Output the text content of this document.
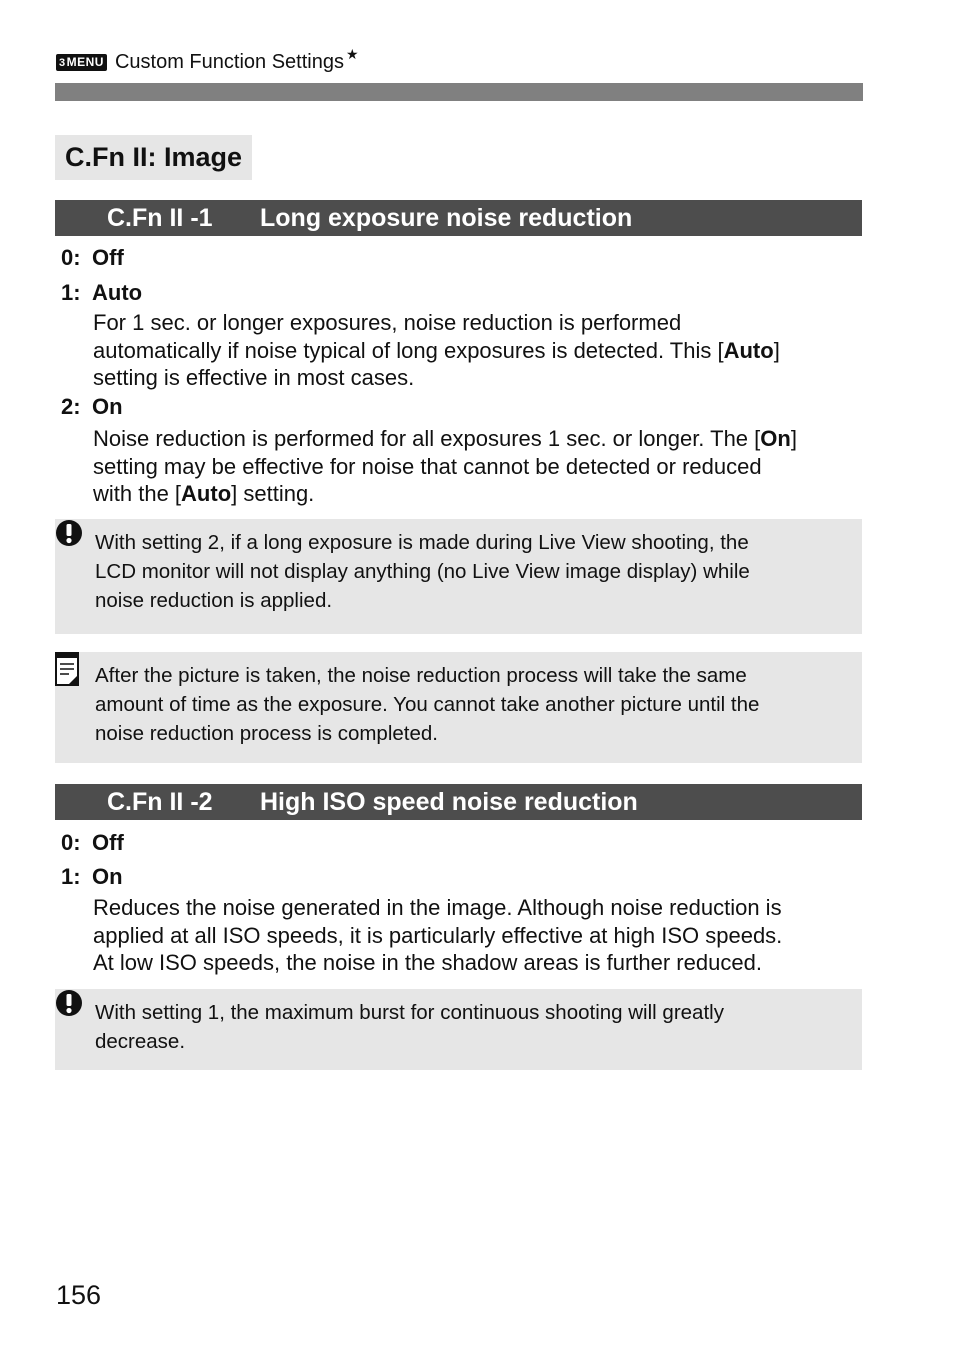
3MENU Custom Function Settings ★
C.Fn II: Image
C.Fn II -1 Long exposure noise reduction
0: Off
1: Auto
For 1 sec. or longer exposures, noise reduction is performed
automatically if noise typical of long exposures is detected. This [Auto]
setting is effective in most cases.
2: On
Noise reduction is performed for all exposures 1 sec. or longer. The [On]
setting may be effective for noise that cannot be detected or reduced
with the [Auto] setting.
With setting 2, if a long exposure is made during Live View shooting, the
LCD monitor will not display anything (no Live View image display) while
noise reduction is applied.
After the picture is taken, the noise reduction process will take the same
amount of time as the exposure. You cannot take another picture until the
noise reduction process is completed.
C.Fn II -2 High ISO speed noise reduction
0: Off
1: On
Reduces the noise generated in the image. Although noise reduction is
applied at all ISO speeds, it is particularly effective at high ISO speeds.
At low ISO speeds, the noise in the shadow areas is further reduced.
With setting 1, the maximum burst for continuous shooting will greatly
decrease.
156
